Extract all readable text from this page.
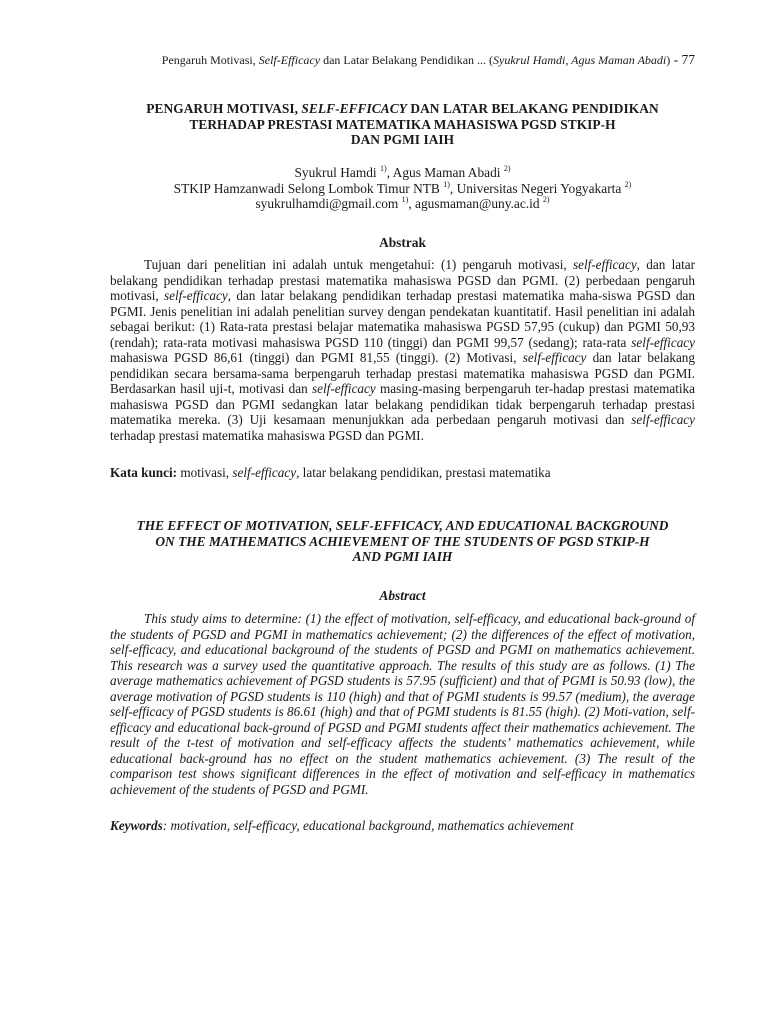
Pengaruh Motivasi, Self-Efficacy dan Latar Belakang Pendidikan ... (Syukrul Hamdi, Agus Maman Abadi) - 77
PENGARUH MOTIVASI, SELF-EFFICACY DAN LATAR BELAKANG PENDIDIKAN
TERHADAP PRESTASI MATEMATIKA MAHASISWA PGSD STKIP-H
DAN PGMI IAIH
Syukrul Hamdi $^{1)}$, Agus Maman Abadi $^{2)}$
STKIP Hamzanwadi Selong Lombok Timur NTB $^{1)}$, Universitas Negeri Yogyakarta $^{2)}$
syukrulhamdi@gmail.com $^{1)}$, agusmaman@uny.ac.id $^{2)}$
Abstrak

Tujuan dari penelitian ini adalah untuk mengetahui: (1) pengaruh motivasi, self-efficacy, dan latar belakang pendidikan terhadap prestasi matematika mahasiswa PGSD dan PGMI. (2) perbedaan pengaruh motivasi, self-efficacy, dan latar belakang pendidikan terhadap prestasi matematika maha-siswa PGSD dan PGMI. Jenis penelitian ini adalah penelitian survey dengan pendekatan kuantitatif. Hasil penelitian ini adalah sebagai berikut: (1) Rata-rata prestasi belajar matematika mahasiswa PGSD 57,95 (cukup) dan PGMI 50,93 (rendah); rata-rata motivasi mahasiswa PGSD 110 (tinggi) dan PGMI 99,57 (sedang); rata-rata self-efficacy mahasiswa PGSD 86,61 (tinggi) dan PGMI 81,55 (tinggi). (2) Motivasi, self-efficacy dan latar belakang pendidikan secara bersama-sama berpengaruh terhadap prestasi matematika mahasiswa PGSD dan PGMI. Berdasarkan hasil uji-t, motivasi dan self-efficacy masing-masing berpengaruh ter-hadap prestasi matematika mahasiswa PGSD dan PGMI sedangkan latar belakang pendidikan tidak berpengaruh terhadap prestasi matematika mereka. (3) Uji kesamaan menunjukkan ada perbedaan pengaruh motivasi dan self-efficacy terhadap prestasi matematika mahasiswa PGSD dan PGMI.

Kata kunci: motivasi, self-efficacy, latar belakang pendidikan, prestasi matematika
THE EFFECT OF MOTIVATION, SELF-EFFICACY, AND EDUCATIONAL BACKGROUND
ON THE MATHEMATICS ACHIEVEMENT OF THE STUDENTS OF PGSD STKIP-H
AND PGMI IAIH
Abstract

This study aims to determine: (1) the effect of motivation, self-efficacy, and educational back-ground of the students of PGSD and PGMI in mathematics achievement; (2) the differences of the effect of motivation, self-efficacy, and educational background of the students of PGSD and PGMI on mathematics achievement. This research was a survey used the quantitative approach. The results of this study are as follows. (1) The average mathematics achievement of PGSD students is 57.95 (sufficient) and that of PGMI is 50.93 (low), the average motivation of PGSD students is 110 (high) and that of PGMI students is 99.57 (medium), the average self-efficacy of PGSD students is 86.61 (high) and that of PGMI students is 81.55 (high). (2) Moti-vation, self-efficacy and educational back-ground of PGSD and PGMI students affect their mathematics achievement. The result of the t-test of motivation and self-efficacy affects the students’ mathematics achievement, while educational back-ground has no effect on the student mathematics achievement. (3) The result of the comparison test shows significant differences in the effect of motivation and self-efficacy in mathematics achievement of the students of PGSD and PGMI.

Keywords: motivation, self-efficacy, educational background, mathematics achievement
